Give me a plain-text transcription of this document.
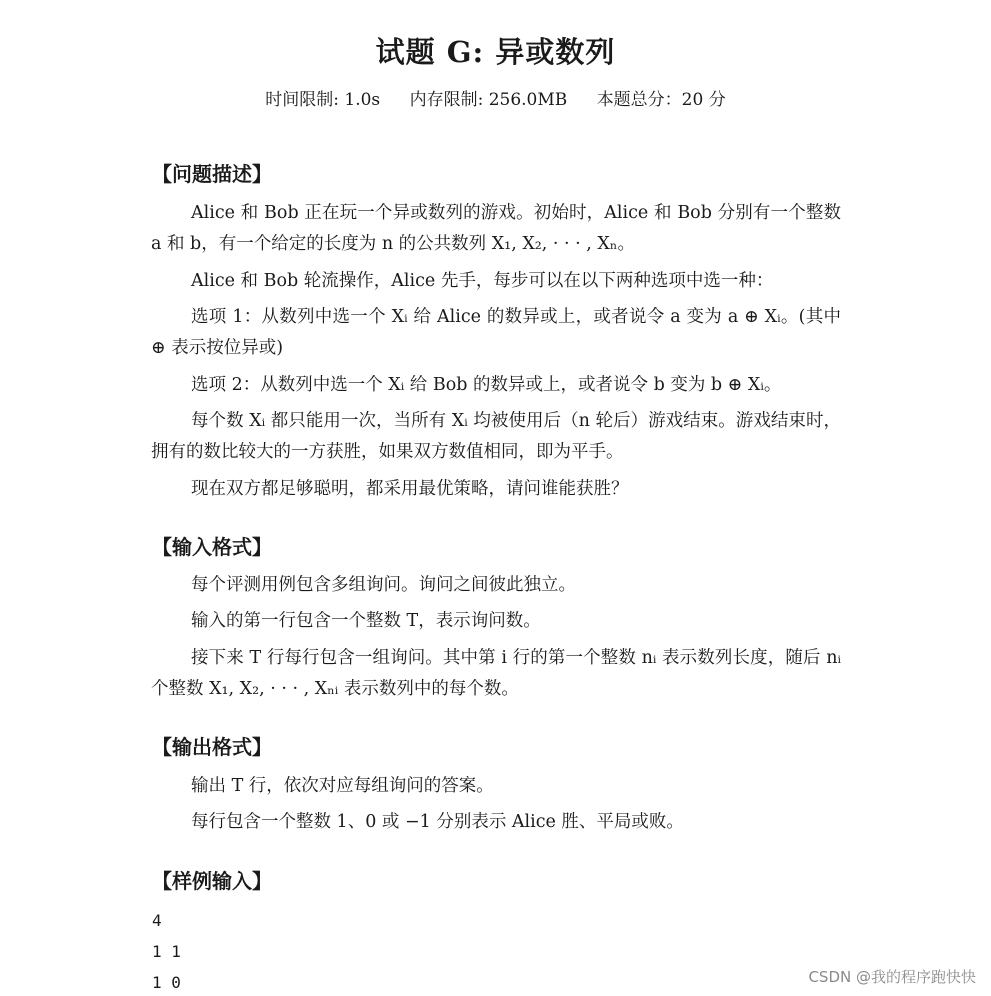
试题 G: 异或数列
时间限制: 1.0s 内存限制: 256.0MB 本题总分：20 分
【问题描述】
Alice 和 Bob 正在玩一个异或数列的游戏。初始时，Alice 和 Bob 分别有一个整数 a 和 b，有一个给定的长度为 n 的公共数列 X₁, X₂, · · · , Xₙ。
Alice 和 Bob 轮流操作，Alice 先手，每步可以在以下两种选项中选一种：
选项 1：从数列中选一个 Xᵢ 给 Alice 的数异或上，或者说令 a 变为 a ⊕ Xᵢ。(其中 ⊕ 表示按位异或)
选项 2：从数列中选一个 Xᵢ 给 Bob 的数异或上，或者说令 b 变为 b ⊕ Xᵢ。
每个数 Xᵢ 都只能用一次，当所有 Xᵢ 均被使用后（n 轮后）游戏结束。游戏结束时，拥有的数比较大的一方获胜，如果双方数值相同，即为平手。
现在双方都足够聪明，都采用最优策略，请问谁能获胜？
【输入格式】
每个评测用例包含多组询问。询问之间彼此独立。
输入的第一行包含一个整数 T，表示询问数。
接下来 T 行每行包含一组询问。其中第 i 行的第一个整数 nᵢ 表示数列长度，随后 nᵢ 个整数 X₁, X₂, · · · , Xₙᵢ 表示数列中的每个数。
【输出格式】
输出 T 行，依次对应每组询问的答案。
每行包含一个整数 1、0 或 −1 分别表示 Alice 胜、平局或败。
【样例输入】
4
1 1
1 0	CSDN @我的程序跑快快
